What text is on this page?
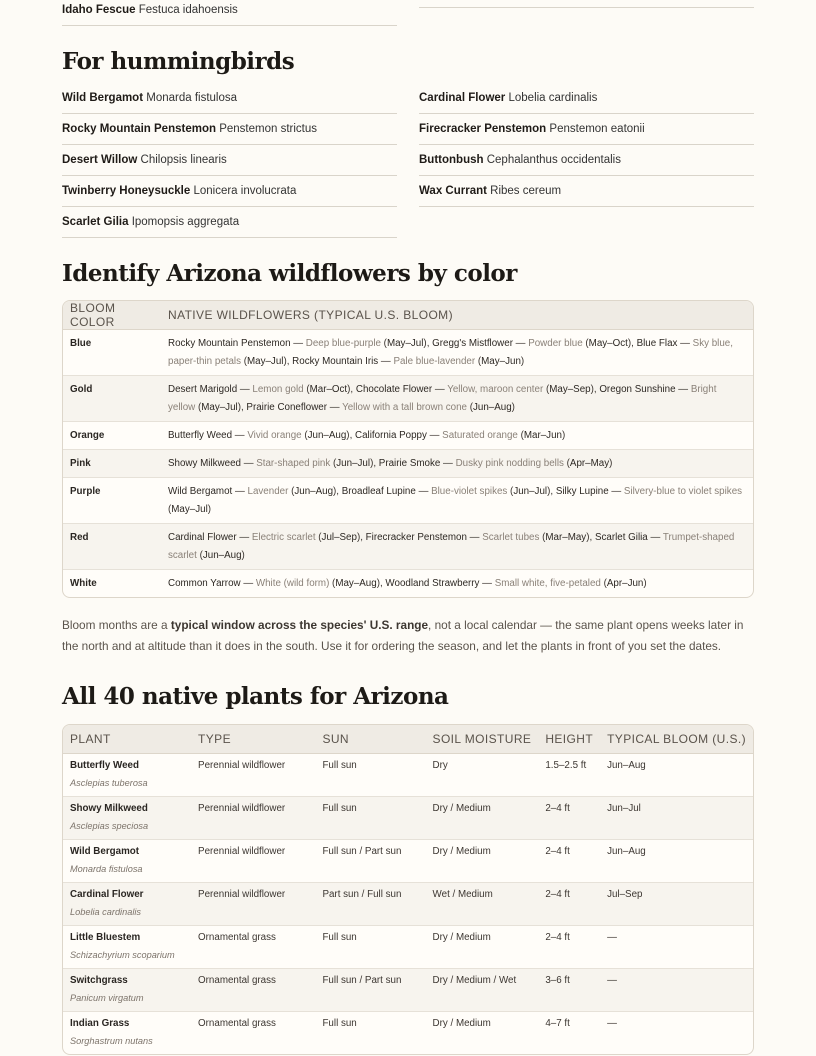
Idaho Fescue Festuca idahoensis
For hummingbirds
Wild Bergamot Monarda fistulosa
Rocky Mountain Penstemon Penstemon strictus
Desert Willow Chilopsis linearis
Twinberry Honeysuckle Lonicera involucrata
Scarlet Gilia Ipomopsis aggregata
Cardinal Flower Lobelia cardinalis
Firecracker Penstemon Penstemon eatonii
Buttonbush Cephalanthus occidentalis
Wax Currant Ribes cereum
Identify Arizona wildflowers by color
BLOOM COLOR	NATIVE WILDFLOWERS (TYPICAL U.S. BLOOM)
Blue	Rocky Mountain Penstemon — Deep blue-purple (May–Jul), Gregg's Mistflower — Powder blue (May–Oct), Blue Flax — Sky blue, paper-thin petals (May–Jul), Rocky Mountain Iris — Pale blue-lavender (May–Jun)
Gold	Desert Marigold — Lemon gold (Mar–Oct), Chocolate Flower — Yellow, maroon center (May–Sep), Oregon Sunshine — Bright yellow (May–Jul), Prairie Coneflower — Yellow with a tall brown cone (Jun–Aug)
Orange	Butterfly Weed — Vivid orange (Jun–Aug), California Poppy — Saturated orange (Mar–Jun)
Pink	Showy Milkweed — Star-shaped pink (Jun–Jul), Prairie Smoke — Dusky pink nodding bells (Apr–May)
Purple	Wild Bergamot — Lavender (Jun–Aug), Broadleaf Lupine — Blue-violet spikes (Jun–Jul), Silky Lupine — Silvery-blue to violet spikes (May–Jul)
Red	Cardinal Flower — Electric scarlet (Jul–Sep), Firecracker Penstemon — Scarlet tubes (Mar–May), Scarlet Gilia — Trumpet-shaped scarlet (Jun–Aug)
White	Common Yarrow — White (wild form) (May–Aug), Woodland Strawberry — Small white, five-petaled (Apr–Jun)

Bloom months are a typical window across the species' U.S. range, not a local calendar — the same plant opens weeks later in the north and at altitude than it does in the south. Use it for ordering the season, and let the plants in front of you set the dates.

All 40 native plants for Arizona
PLANT	TYPE	SUN	SOIL MOISTURE	HEIGHT	TYPICAL BLOOM (U.S.)

Butterfly Weed
Asclepias tuberosa	Perennial wildflower	Full sun	Dry	1.5–2.5 ft	Jun–Aug

Showy Milkweed
Asclepias speciosa	Perennial wildflower	Full sun	Dry / Medium	2–4 ft	Jun–Jul

Wild Bergamot
Monarda fistulosa	Perennial wildflower	Full sun / Part sun	Dry / Medium	2–4 ft	Jun–Aug

Cardinal Flower
Lobelia cardinalis	Perennial wildflower	Part sun / Full sun	Wet / Medium	2–4 ft	Jul–Sep

Little Bluestem
Schizachyrium scoparium	Ornamental grass	Full sun	Dry / Medium	2–4 ft	—

Switchgrass
Panicum virgatum	Ornamental grass	Full sun / Part sun	Dry / Medium / Wet	3–6 ft	—

Indian Grass
Sorghastrum nutans	Ornamental grass	Full sun	Dry / Medium	4–7 ft	—
